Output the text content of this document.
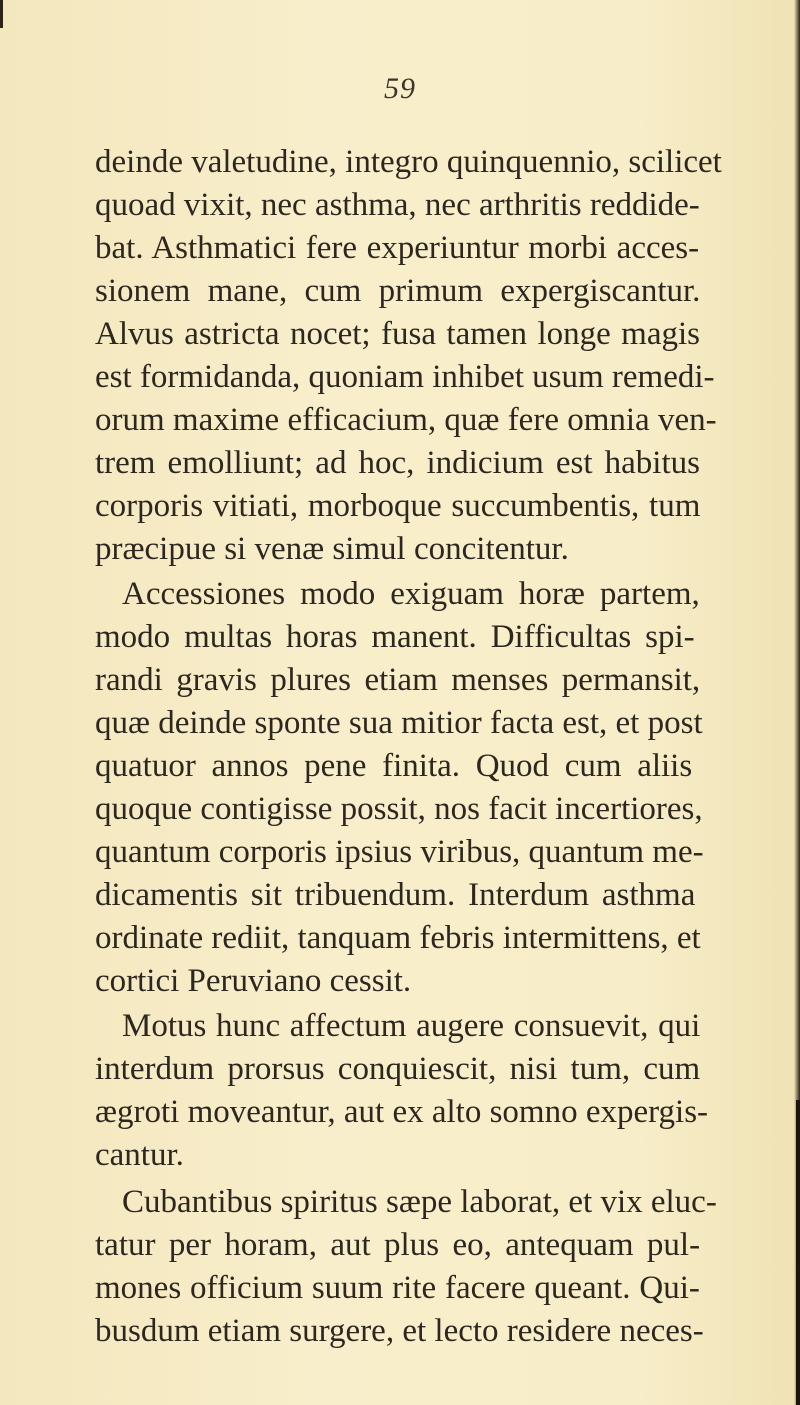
59
deinde valetudine, integro quinquennio, scilicet
quoad vixit, nec asthma, nec arthritis reddide-
bat. Asthmatici fere experiuntur morbi acces-
sionem mane, cum primum expergiscantur.
Alvus astricta nocet; fusa tamen longe magis
est formidanda, quoniam inhibet usum remedi-
orum maxime efficacium, quæ fere omnia ven-
trem emolliunt; ad hoc, indicium est habitus
corporis vitiati, morboque succumbentis, tum
præcipue si venæ simul concitentur.
Accessiones modo exiguam horæ partem,
modo multas horas manent. Difficultas spi-
randi gravis plures etiam menses permansit,
quæ deinde sponte sua mitior facta est, et post
quatuor annos pene finita. Quod cum aliis
quoque contigisse possit, nos facit incertiores,
quantum corporis ipsius viribus, quantum me-
dicamentis sit tribuendum. Interdum asthma
ordinate rediit, tanquam febris intermittens, et
cortici Peruviano cessit.
Motus hunc affectum augere consuevit, qui
interdum prorsus conquiescit, nisi tum, cum
ægroti moveantur, aut ex alto somno expergis-
cantur.
Cubantibus spiritus sæpe laborat, et vix eluc-
tatur per horam, aut plus eo, antequam pul-
mones officium suum rite facere queant. Qui-
busdum etiam surgere, et lecto residere neces-
